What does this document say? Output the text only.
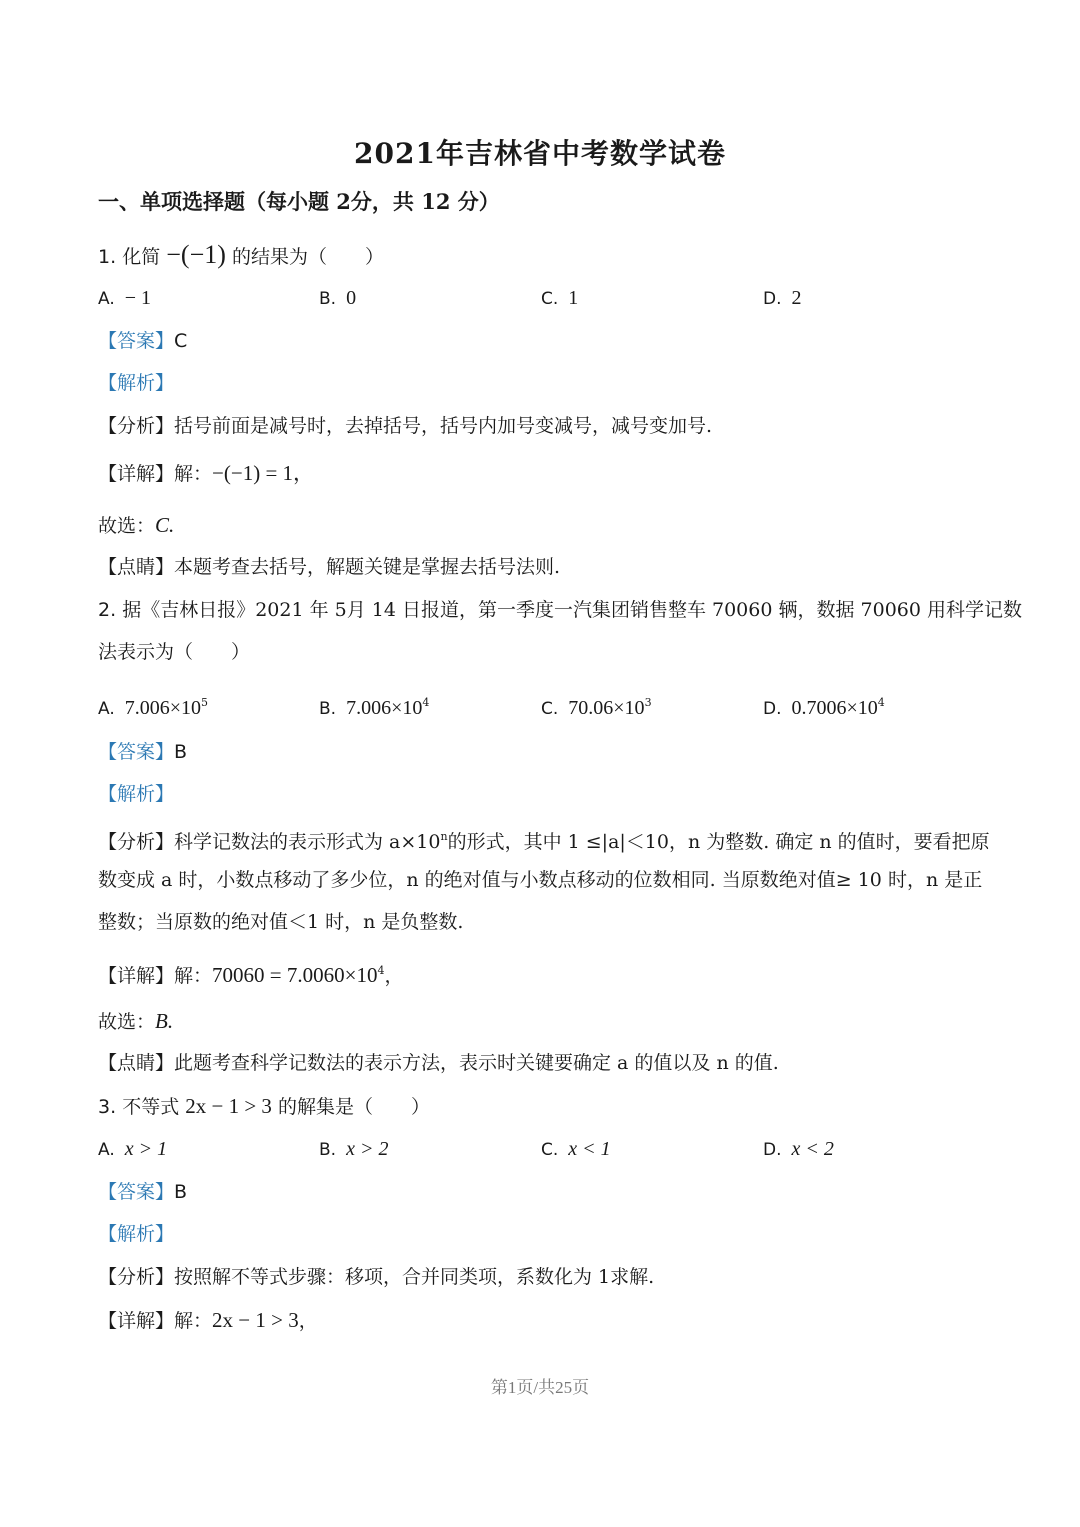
2021年吉林省中考数学试卷
一、单项选择题（每小题 2分，共 12 分）
1. 化简 −(−1) 的结果为（　　）
A. − 1	B. 0	C. 1	D. 2
【答案】C
【解析】
【分析】括号前面是减号时，去掉括号，括号内加号变减号，减号变加号.
【详解】解：−(−1) = 1，
故选：C.
【点睛】本题考查去括号，解题关键是掌握去括号法则.
2. 据《吉林日报》2021 年 5月 14 日报道，第一季度一汽集团销售整车 70060 辆，数据 70060 用科学记数
法表示为（　　）
A. $7.006\times 10^5$	B. $7.006\times 10^4$	C. $70.06\times 10^3$	D. $0.7006\times 10^4$
【答案】B
【解析】
【分析】科学记数法的表示形式为 $a\times 10^n$的形式，其中 1 ≤|a|＜10，n 为整数. 确定 n 的值时，要看把原
数变成 a 时，小数点移动了多少位，n 的绝对值与小数点移动的位数相同. 当原数绝对值≥ 10 时，n 是正
整数；当原数的绝对值＜1 时，n 是负整数.
【详解】解：$70060 = 7.0060\times 10^4$，
故选：B.
【点睛】此题考查科学记数法的表示方法，表示时关键要确定 a 的值以及 n 的值.
3. 不等式 2x − 1 > 3 的解集是（　　）
A. x > 1	B. x > 2	C. x < 1	D. x < 2
【答案】B
【解析】
【分析】按照解不等式步骤：移项，合并同类项，系数化为 1求解.
【详解】解：2x − 1 > 3，
第1页/共25页
